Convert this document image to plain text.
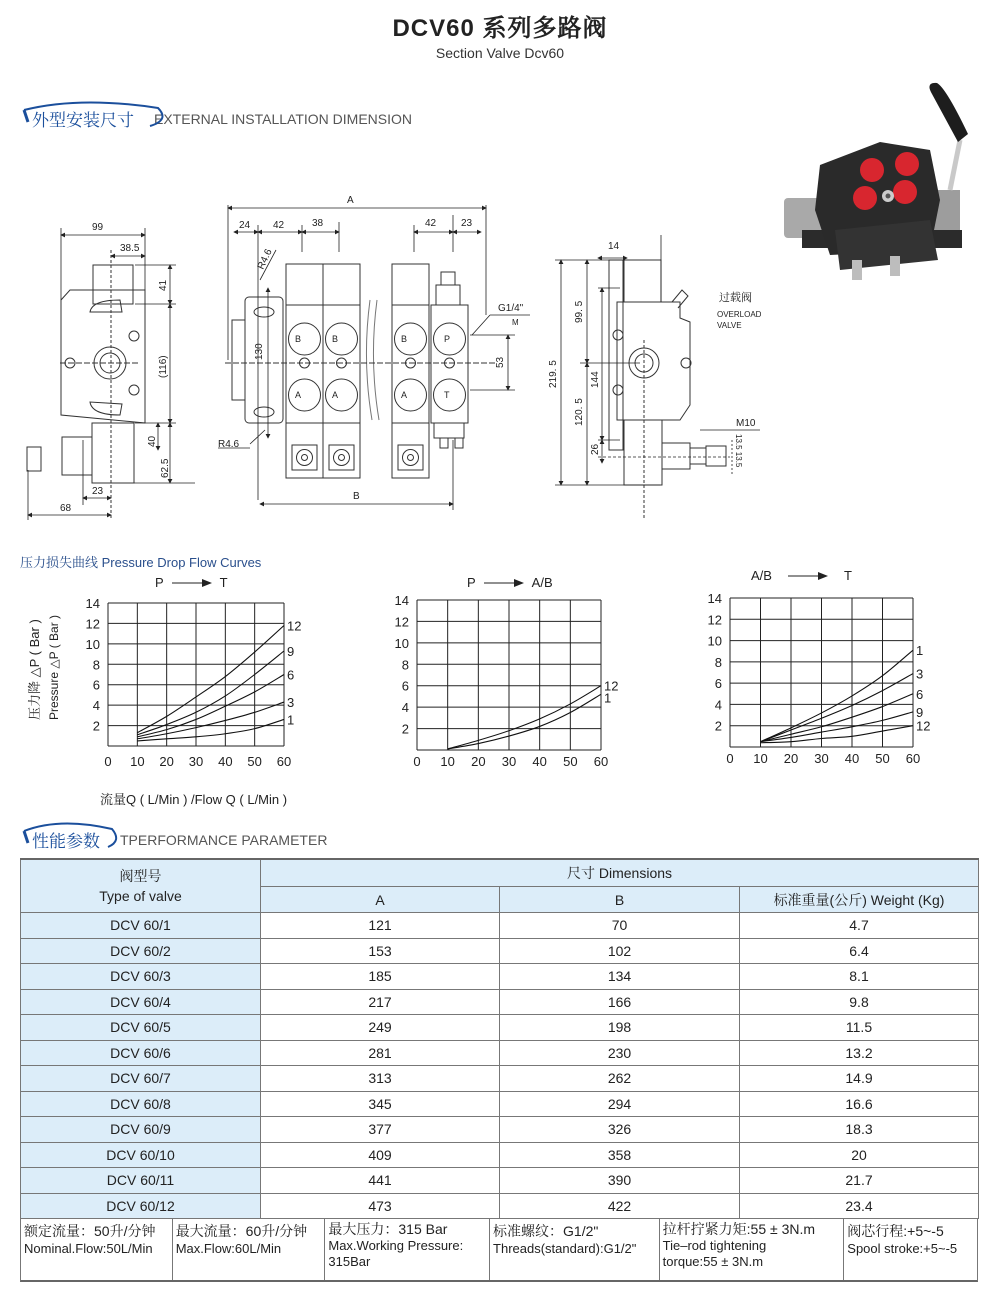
DCV60 系列多路阀
Section Valve Dcv60
外型安装尺寸	EXTERNAL INSTALLATION DIMENSION
99
38.5
41
(116)
40
62.5
23
68
A
24 42	38	42 23
R4.6
R4.6
130
B
G1/4"
M
53
B	B	B	P
A	A	A	T
14
219. 5
99. 5
120. 5
144
26
M10
13.5 13.5
过载阀
OVERLOAD
VALVE
压力损失曲线 Pressure Drop Flow Curves
P	T	P	A/B	A/B	T
压力降 △P ( Bar ) Pressure △P ( Bar )
流量Q ( L/Min ) /Flow Q ( L/Min )
0 10 20 30 40 50 60
2
4
6
8
10
12
14
12
9
6
3
1
0 10 20 30 40 50 60
2
4
6
8
10
12
14
12
1
0 10 20 30 40 50 60
2
4
6
8
10
12
14
1
3
6
9
12
性能参数	TPERFORMANCE PARAMETER
阀型号
Type of valve	尺寸 Dimensions		
	A	B	标准重量(公斤) Weight (Kg)
DCV 60/1	121	70	4.7
DCV 60/2	153	102	6.4
DCV 60/3	185	134	8.1
DCV 60/4	217	166	9.8
DCV 60/5	249	198	11.5
DCV 60/6	281	230	13.2
DCV 60/7	313	262	14.9
DCV 60/8	345	294	16.6
DCV 60/9	377	326	18.3
DCV 60/10	409	358	20
DCV 60/11	441	390	21.7
DCV 60/12	473	422	23.4
额定流量：50升/分钟
Nominal.Flow:50L/Min
最大流量：60升/分钟
Max.Flow:60L/Min
最大压力：315 Bar
Max.Working Pressure:
315Bar
标准螺纹：G1/2"
Threads(standard):G1/2"
拉杆拧紧力矩:55 ± 3N.m
Tie–rod tightening
torque:55 ± 3N.m
阀芯行程:+5~-5
Spool stroke:+5~-5
